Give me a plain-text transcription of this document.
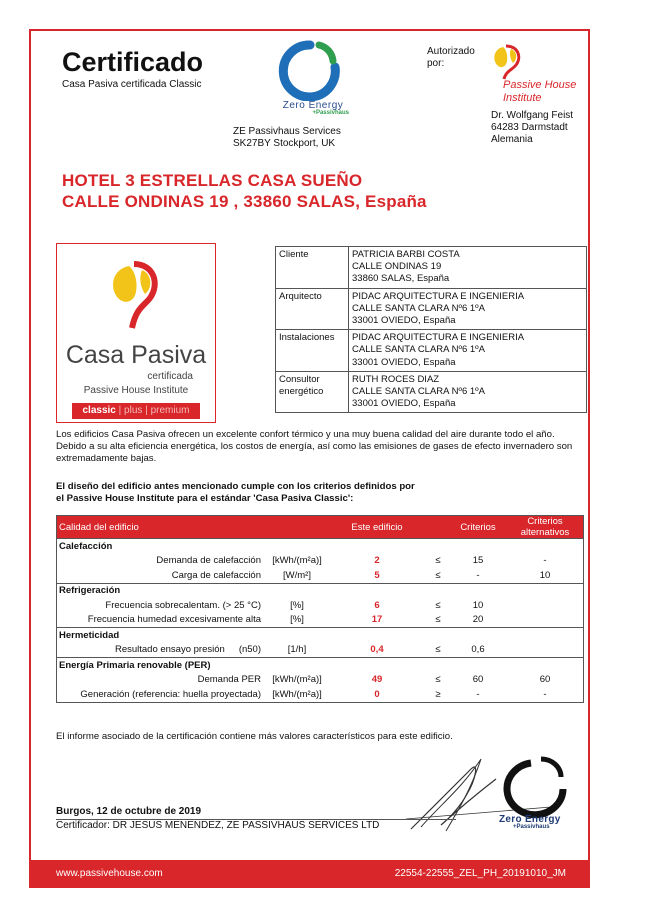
Certificado
Casa Pasiva certificada Classic
Zero Energy
+Passivhaus
ZE Passivhaus Services
SK27BY Stockport, UK
Autorizado por:
Passive House
Institute
Dr. Wolfgang Feist
64283 Darmstadt
Alemania
HOTEL 3 ESTRELLAS CASA SUEÑO
CALLE ONDINAS 19 , 33860 SALAS, España
Casa Pasiva
certificada
Passive House Institute
classic | plus | premium
Cliente	PATRICIA BARBI COSTA
CALLE ONDINAS 19
33860 SALAS, España

Arquitecto	PIDAC ARQUITECTURA E INGENIERIA
CALLE SANTA CLARA Nº6 1ºA
33001 OVIEDO, España

Instalaciones	PIDAC ARQUITECTURA E INGENIERIA
CALLE SANTA CLARA Nº6 1ºA
33001 OVIEDO, España

Consultor energético	RUTH ROCES DIAZ
CALLE SANTA CLARA Nº6 1ºA
33001 OVIEDO, España
Los edificios Casa Pasiva ofrecen un excelente confort térmico y una muy buena calidad del aire durante todo el año. Debido a su alta eficiencia energética, los costos de energía, así como las emisiones de gases de efecto invernadero son extremadamente bajas.
El diseño del edificio antes mencionado cumple con los criterios definidos por
el Passive House Institute para el estándar 'Casa Pasiva Classic':
Calidad del edificio		Este edificio		Criterios	Criterios alternativos
Calefacción					
Demanda de calefacción	[kWh/(m²a)]	2	≤	15	-
Carga de calefacción	[W/m²]	5	≤	-	10
Refrigeración					
Frecuencia sobrecalentam. (> 25 °C)	[%]	6	≤	10	
Frecuencia humedad excesivamente alta	[%]	17	≤	20	
Hermeticidad					
Resultado ensayo presión (n50)	[1/h]	0,4	≤	0,6	
Energía Primaria renovable (PER)					
Demanda PER	[kWh/(m²a)]	49	≤	60	60
Generación (referencia: huella proyectada)	[kWh/(m²a)]	0	≥	-	-
El informe asociado de la certificación contiene más valores característicos para este edificio.
Zero Energy
+Passivhaus
Burgos, 12 de octubre de 2019
Certificador: DR JESUS MENENDEZ, ZE PASSIVHAUS SERVICES LTD
www.passivehouse.com	22554-22555_ZEL_PH_20191010_JM
